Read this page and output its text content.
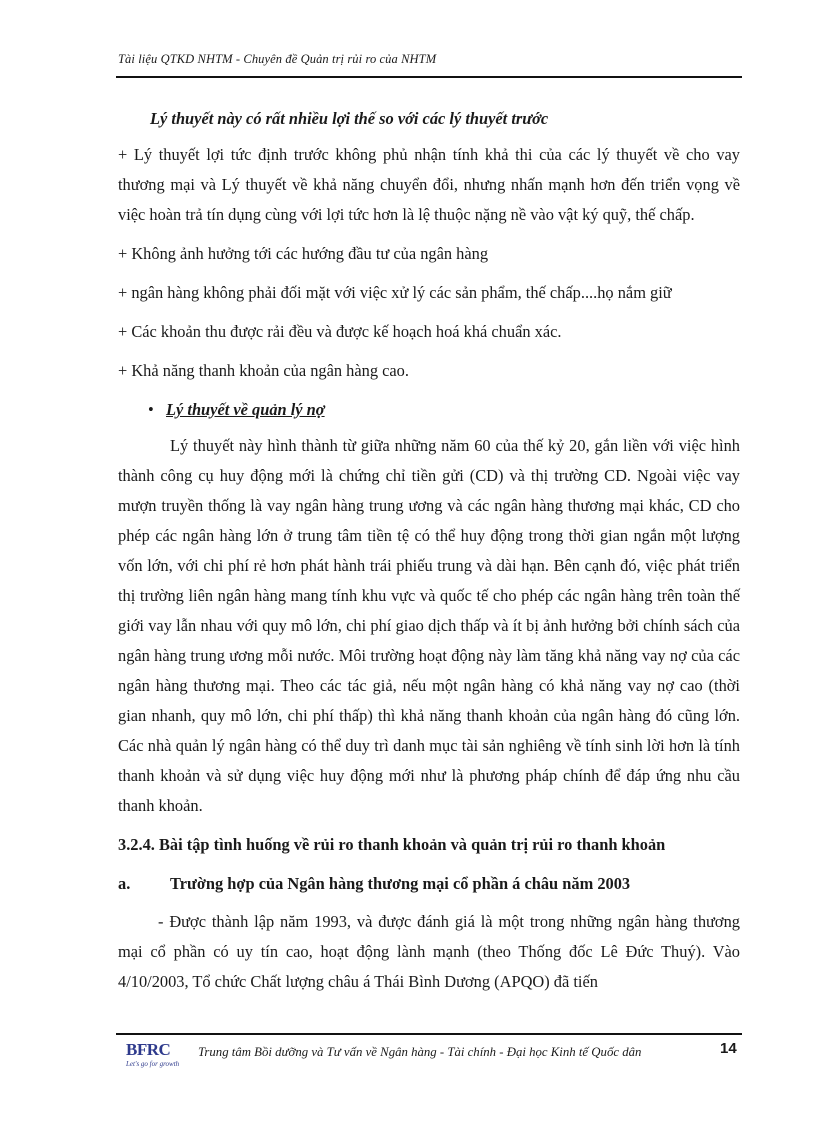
Tài liệu QTKD NHTM - Chuyên đề Quản trị rủi ro của NHTM

Lý thuyết này có rất nhiều lợi thế so với các lý thuyết trước

+ Lý thuyết lợi tức định trước không phủ nhận tính khả thi của các lý thuyết về cho vay thương mại và Lý thuyết về khả năng chuyển đổi, nhưng nhấn mạnh hơn đến triển vọng về việc hoàn trả tín dụng cùng với lợi tức hơn là lệ thuộc nặng nề vào vật ký quỹ, thế chấp.

+ Không ảnh hưởng tới các hướng đầu tư của ngân hàng

+ ngân hàng không phải đối mặt với việc xử lý các sản phẩm, thế chấp....họ nắm giữ

+ Các khoản thu được rải đều và được kế hoạch hoá khá chuẩn xác.

+ Khả năng thanh khoản của ngân hàng cao.

• Lý thuyết về quản lý nợ

Lý thuyết này hình thành từ giữa những năm 60 của thế kỷ 20, gắn liền với việc hình thành công cụ huy động mới là chứng chỉ tiền gửi (CD) và thị trường CD. Ngoài việc vay mượn truyền thống là vay ngân hàng trung ương và các ngân hàng thương mại khác, CD cho phép các ngân hàng lớn ở trung tâm tiền tệ có thể huy động trong thời gian ngắn một lượng vốn lớn, với chi phí rẻ hơn phát hành trái phiếu trung và dài hạn. Bên cạnh đó, việc phát triển thị trường liên ngân hàng mang tính khu vực và quốc tế cho phép các ngân hàng trên toàn thế giới vay lẫn nhau với quy mô lớn, chi phí giao dịch thấp và ít bị ảnh hưởng bởi chính sách của ngân hàng trung ương mỗi nước. Môi trường hoạt động này làm tăng khả năng vay nợ của các ngân hàng thương mại. Theo các tác giả, nếu một ngân hàng có khả năng vay nợ cao (thời gian nhanh, quy mô lớn, chi phí thấp) thì khả năng thanh khoản của ngân hàng đó cũng lớn. Các nhà quản lý ngân hàng có thể duy trì danh mục tài sản nghiêng về tính sinh lời hơn là tính thanh khoản và sử dụng việc huy động mới như là phương pháp chính để đáp ứng nhu cầu thanh khoản.

3.2.4. Bài tập tình huống về rủi ro thanh khoản và quản trị rủi ro thanh khoản

a. Trường hợp của Ngân hàng thương mại cổ phần á châu năm 2003

- Được thành lập năm 1993, và được đánh giá là một trong những ngân hàng thương mại cổ phần có uy tín cao, hoạt động lành mạnh (theo Thống đốc Lê Đức Thuý). Vào 4/10/2003, Tổ chức Chất lượng châu á Thái Bình Dương (APQO) đã tiến

BFRC
Let's go for growth
Trung tâm Bồi dưỡng và Tư vấn về Ngân hàng - Tài chính - Đại học Kinh tế Quốc dân	14
